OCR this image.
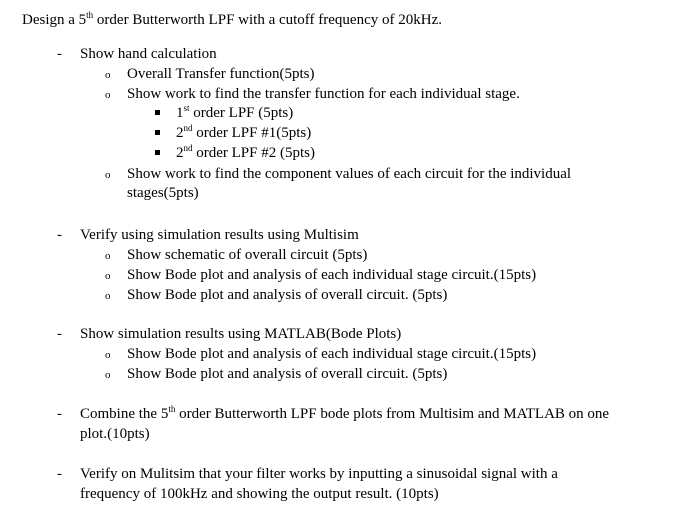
Design a 5th order Butterworth LPF with a cutoff frequency of 20kHz.
- Show hand calculation
o Overall Transfer function(5pts)
o Show work to find the transfer function for each individual stage.
1st order LPF (5pts)
2nd order LPF #1(5pts)
2nd order LPF #2 (5pts)
o Show work to find the component values of each circuit for the individual
stages(5pts)
- Verify using simulation results using Multisim
o Show schematic of overall circuit (5pts)
o Show Bode plot and analysis of each individual stage circuit.(15pts)
o Show Bode plot and analysis of overall circuit. (5pts)
- Show simulation results using MATLAB(Bode Plots)
o Show Bode plot and analysis of each individual stage circuit.(15pts)
o Show Bode plot and analysis of overall circuit. (5pts)
- Combine the 5th order Butterworth LPF bode plots from Multisim and MATLAB on one
plot.(10pts)
- Verify on Mulitsim that your filter works by inputting a sinusoidal signal with a
frequency of 100kHz and showing the output result. (10pts)
